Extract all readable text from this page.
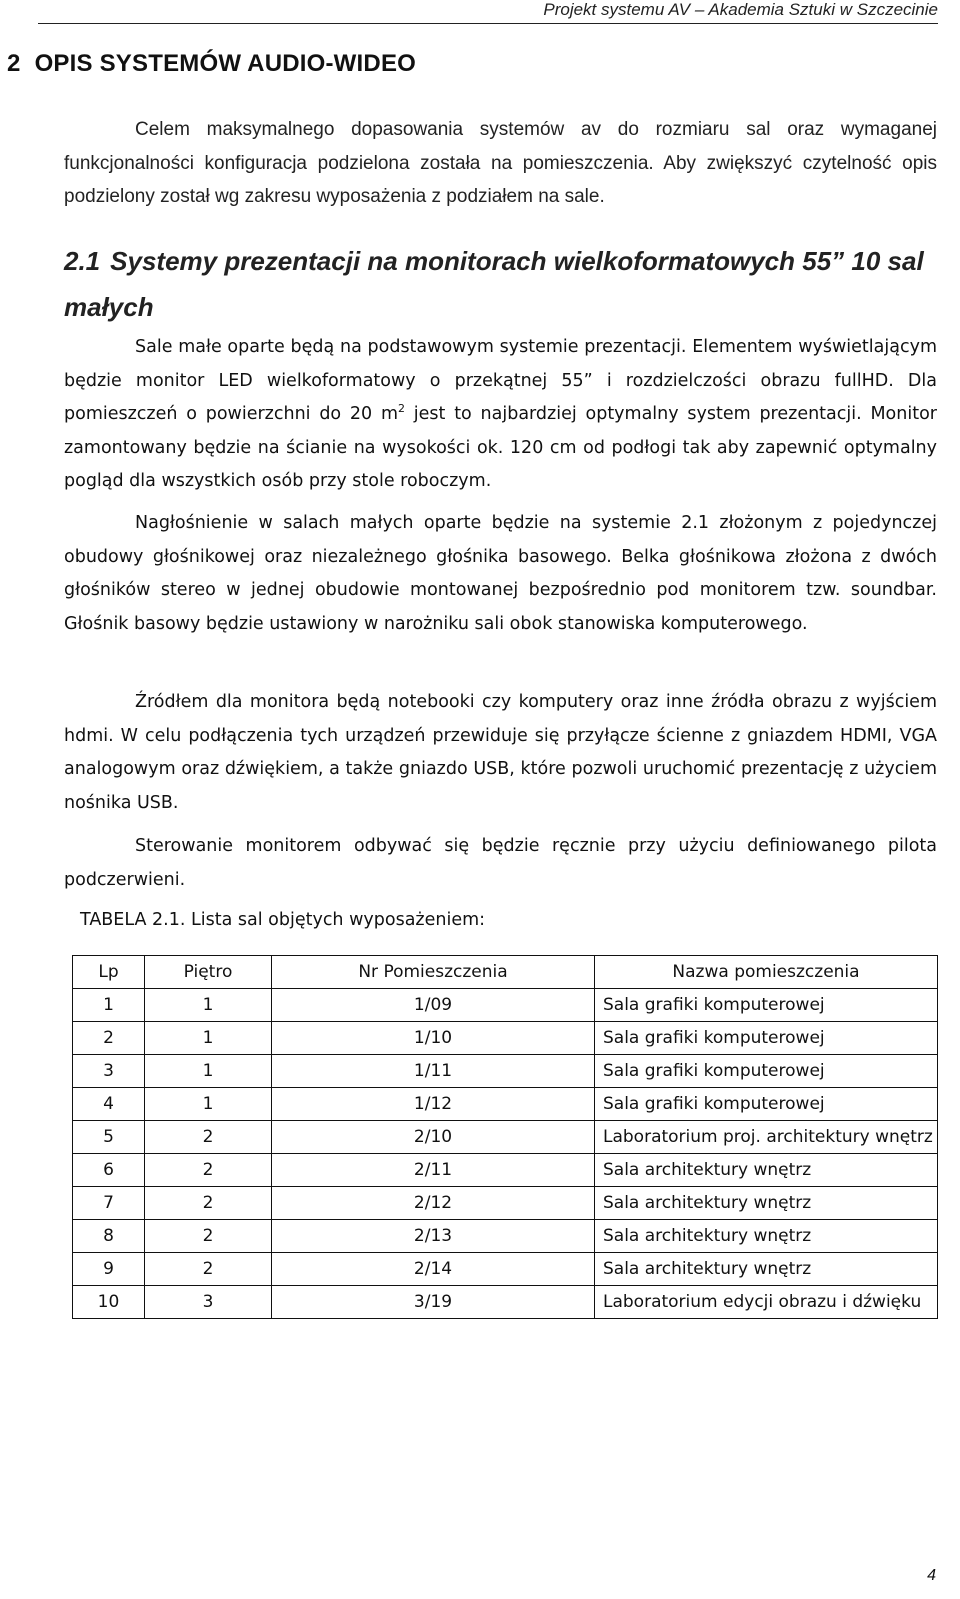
Projekt systemu AV – Akademia Sztuki w Szczecinie
2 OPIS SYSTEMÓW AUDIO-WIDEO
Celem maksymalnego dopasowania systemów av do rozmiaru sal oraz wymaganej funkcjonalności konfiguracja podzielona została na pomieszczenia. Aby zwiększyć czytelność opis podzielony został wg zakresu wyposażenia z podziałem na sale.
2.1 Systemy prezentacji na monitorach wielkoformatowych 55” 10 sal małych
Sale małe oparte będą na podstawowym systemie prezentacji. Elementem wyświetlającym będzie monitor LED wielkoformatowy o przekątnej 55” i rozdzielczości obrazu fullHD. Dla pomieszczeń o powierzchni do 20 $m^2$ jest to najbardziej optymalny system prezentacji. Monitor zamontowany będzie na ścianie na wysokości ok. 120 cm od podłogi tak aby zapewnić optymalny pogląd dla wszystkich osób przy stole roboczym.
Nagłośnienie w salach małych oparte będzie na systemie 2.1 złożonym z pojedynczej obudowy głośnikowej oraz niezależnego głośnika basowego. Belka głośnikowa złożona z dwóch głośników stereo w jednej obudowie montowanej bezpośrednio pod monitorem tzw. soundbar. Głośnik basowy będzie ustawiony w narożniku sali obok stanowiska komputerowego.
Źródłem dla monitora będą notebooki czy komputery oraz inne źródła obrazu z wyjściem hdmi. W celu podłączenia tych urządzeń przewiduje się przyłącze ścienne z gniazdem HDMI, VGA analogowym oraz dźwiękiem, a także gniazdo USB, które pozwoli uruchomić prezentację z użyciem nośnika USB.
Sterowanie monitorem odbywać się będzie ręcznie przy użyciu definiowanego pilota podczerwieni.
TABELA 2.1. Lista sal objętych wyposażeniem:
Lp	Piętro	Nr Pomieszczenia	Nazwa pomieszczenia
1	1	1/09	Sala grafiki komputerowej
2	1	1/10	Sala grafiki komputerowej
3	1	1/11	Sala grafiki komputerowej
4	1	1/12	Sala grafiki komputerowej
5	2	2/10	Laboratorium proj. architektury wnętrz
6	2	2/11	Sala architektury wnętrz
7	2	2/12	Sala architektury wnętrz
8	2	2/13	Sala architektury wnętrz
9	2	2/14	Sala architektury wnętrz
10	3	3/19	Laboratorium edycji obrazu i dźwięku
4
